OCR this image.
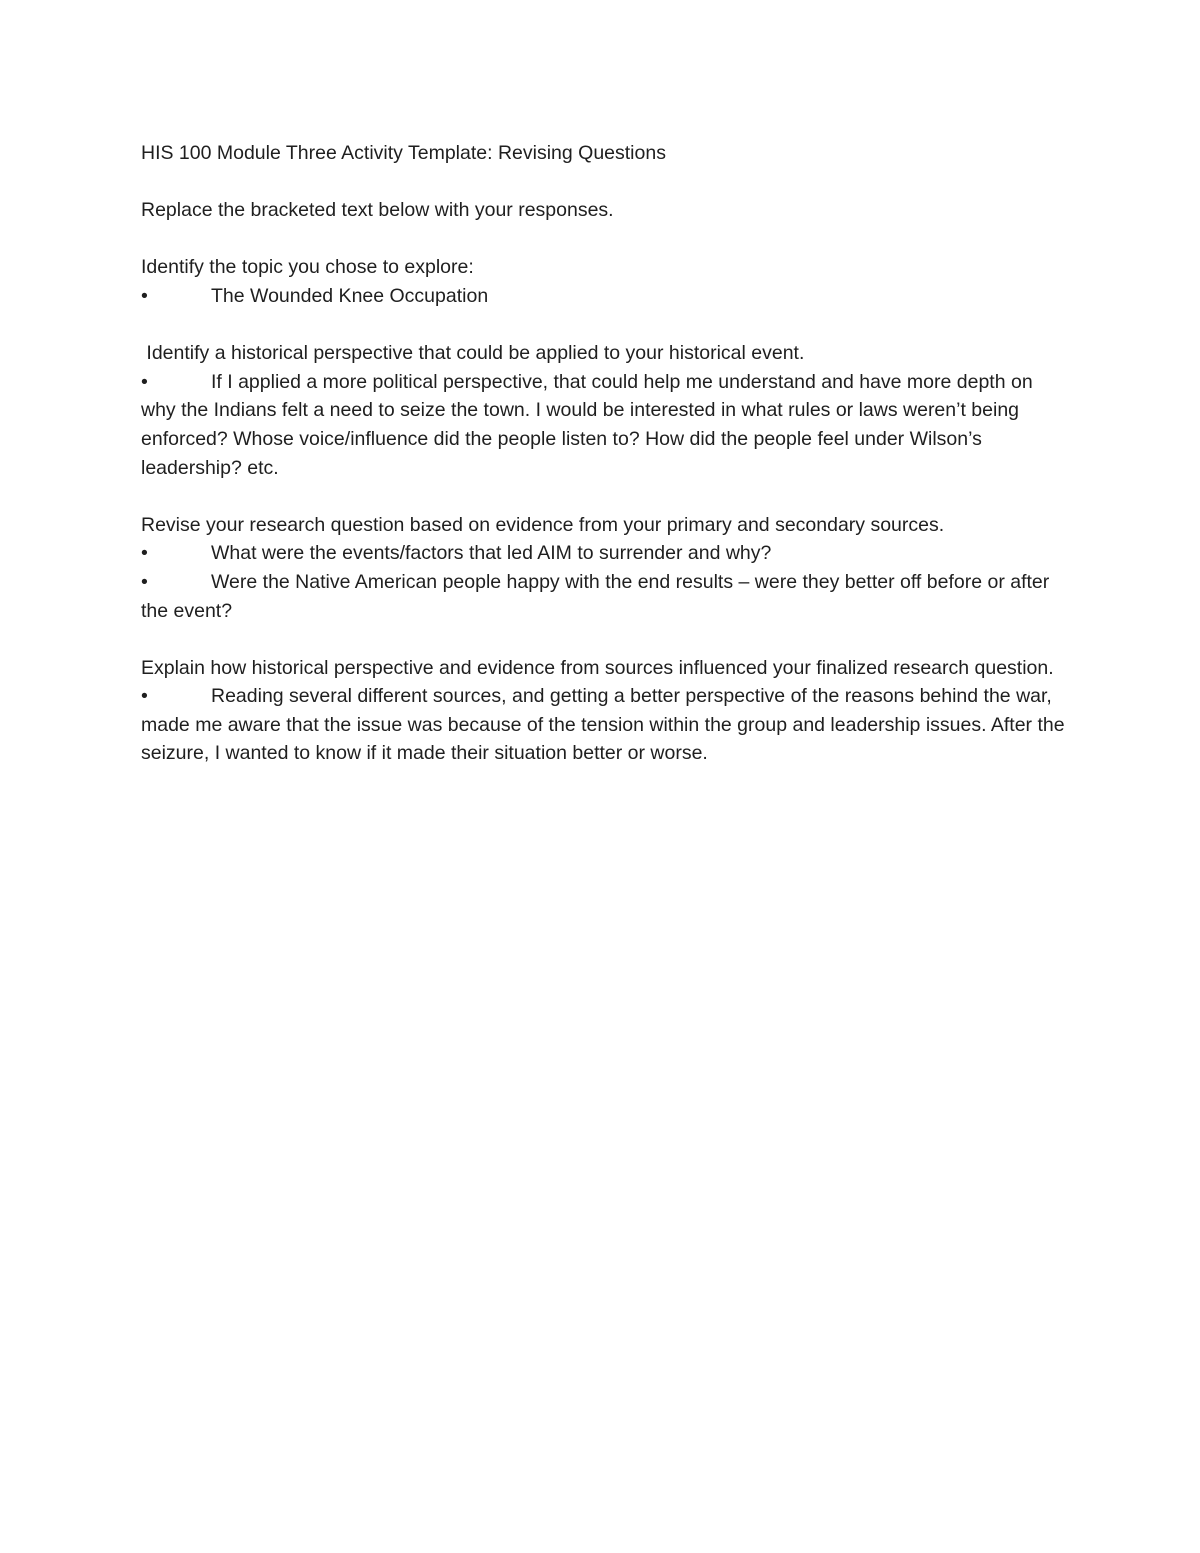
HIS 100 Module Three Activity Template: Revising Questions

Replace the bracketed text below with your responses.

Identify the topic you chose to explore:

•	The Wounded Knee Occupation

Identify a historical perspective that could be applied to your historical event.

•	If I applied a more political perspective, that could help me understand and have more depth on why the Indians felt a need to seize the town. I would be interested in what rules or laws weren’t being enforced? Whose voice/influence did the people listen to? How did the people feel under Wilson’s leadership? etc.

Revise your research question based on evidence from your primary and secondary sources.

•	What were the events/factors that led AIM to surrender and why?

•	Were the Native American people happy with the end results – were they better off before or after the event?

Explain how historical perspective and evidence from sources influenced your finalized research question.

•	Reading several different sources, and getting a better perspective of the reasons behind the war, made me aware that the issue was because of the tension within the group and leadership issues. After the seizure, I wanted to know if it made their situation better or worse.
